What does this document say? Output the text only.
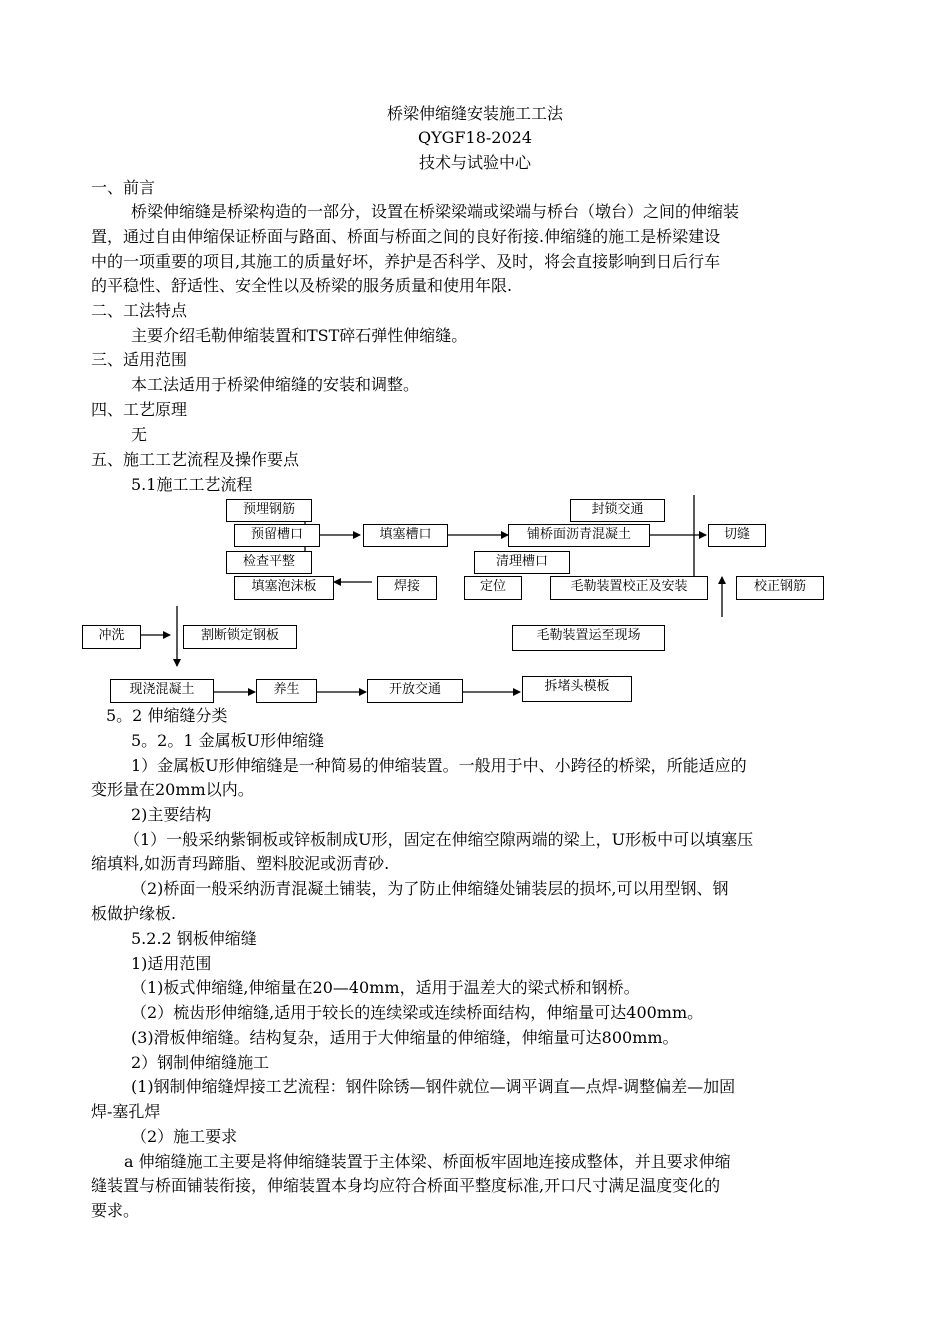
桥梁伸缩缝安装施工工法
QYGF18-2024
技术与试验中心
一、前言
桥梁伸缩缝是桥梁构造的一部分，设置在桥梁梁端或梁端与桥台（墩台）之间的伸缩装
置，通过自由伸缩保证桥面与路面、桥面与桥面之间的良好衔接.伸缩缝的施工是桥梁建设
中的一项重要的项目,其施工的质量好坏，养护是否科学、及时，将会直接影响到日后行车
的平稳性、舒适性、安全性以及桥梁的服务质量和使用年限.
二、工法特点
主要介绍毛勒伸缩装置和TST碎石弹性伸缩缝。
三、适用范围
本工法适用于桥梁伸缩缝的安装和调整。
四、工艺原理
无
五、施工工艺流程及操作要点
5.1施工工艺流程
预埋钢筋
预留槽口
检查平整
填塞泡沫板
填塞槽口
焊接
封锁交通
铺桥面沥青混凝土	切缝
清理槽口
定位	毛勒装置校正及安装	校正钢筋
冲洗	割断锁定钢板	毛勒装置运至现场
现浇混凝土	养生	开放交通	拆堵头模板
5。2 伸缩缝分类
5。2。1 金属板U形伸缩缝
1）金属板U形伸缩缝是一种简易的伸缩装置。一般用于中、小跨径的桥梁，所能适应的
变形量在20mm以内。
2)主要结构
（1）一般采纳紫铜板或锌板制成U形，固定在伸缩空隙两端的梁上，U形板中可以填塞压
缩填料,如沥青玛蹄脂、塑料胶泥或沥青砂.
（2)桥面一般采纳沥青混凝土铺装，为了防止伸缩缝处铺装层的损坏,可以用型钢、钢
板做护缘板.
5.2.2 钢板伸缩缝
1)适用范围
（1)板式伸缩缝,伸缩量在20—40mm，适用于温差大的梁式桥和钢桥。
（2）梳齿形伸缩缝,适用于较长的连续梁或连续桥面结构，伸缩量可达400mm。
(3)滑板伸缩缝。结构复杂，适用于大伸缩量的伸缩缝，伸缩量可达800mm。
2）钢制伸缩缝施工
(1)钢制伸缩缝焊接工艺流程：钢件除锈—钢件就位—调平调直—点焊-调整偏差—加固
焊-塞孔焊
（2）施工要求
a 伸缩缝施工主要是将伸缩缝装置于主体梁、桥面板牢固地连接成整体，并且要求伸缩
缝装置与桥面铺装衔接，伸缩装置本身均应符合桥面平整度标准,开口尺寸满足温度变化的
要求。
